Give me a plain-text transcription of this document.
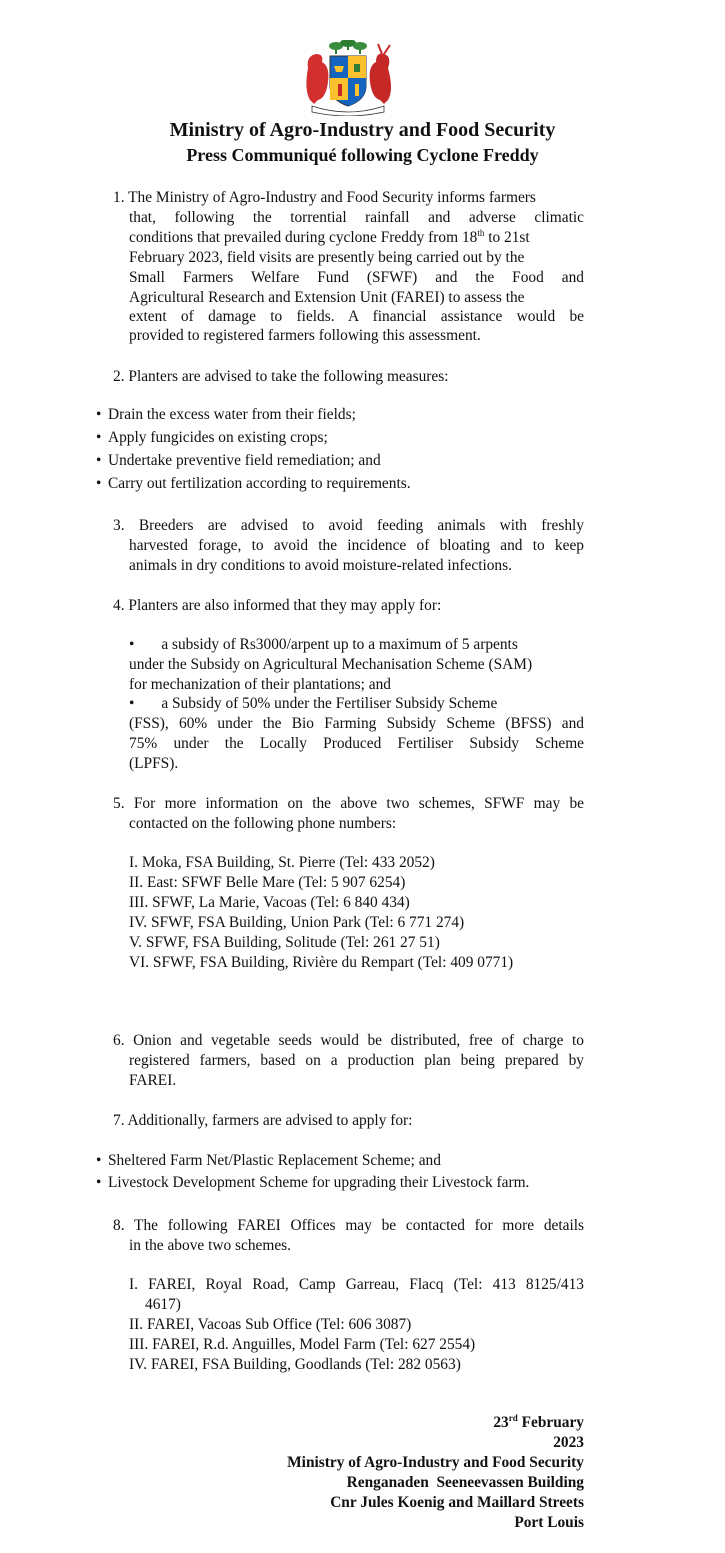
Ministry of Agro-Industry and Food Security
Press Communiqué following Cyclone Freddy
1. The Ministry of Agro-Industry and Food Security informs farmers
that, following the torrential rainfall and adverse climatic
conditions that prevailed during cyclone Freddy from 18th to 21st
February 2023, field visits are presently being carried out by the
Small Farmers Welfare Fund (SFWF) and the Food and
Agricultural Research and Extension Unit (FAREI) to assess the
extent of damage to fields. A financial assistance would be
provided to registered farmers following this assessment.
2. Planters are advised to take the following measures:
• Drain the excess water from their fields;
• Apply fungicides on existing crops;
• Undertake preventive field remediation; and
• Carry out fertilization according to requirements.
3. Breeders are advised to avoid feeding animals with freshly
harvested forage, to avoid the incidence of bloating and to keep
animals in dry conditions to avoid moisture-related infections.
4. Planters are also informed that they may apply for:
•       a subsidy of Rs3000/arpent up to a maximum of 5 arpents
under the Subsidy on Agricultural Mechanisation Scheme (SAM)
for mechanization of their plantations; and
•       a Subsidy of 50% under the Fertiliser Subsidy Scheme
(FSS), 60% under the Bio Farming Subsidy Scheme (BFSS) and
75% under the Locally Produced Fertiliser Subsidy Scheme
(LPFS).
5. For more information on the above two schemes, SFWF may be
contacted on the following phone numbers:
I. Moka, FSA Building, St. Pierre (Tel: 433 2052)
II. East: SFWF Belle Mare (Tel: 5 907 6254)
III. SFWF, La Marie, Vacoas (Tel: 6 840 434)
IV. SFWF, FSA Building, Union Park (Tel: 6 771 274)
V. SFWF, FSA Building, Solitude (Tel: 261 27 51)
VI. SFWF, FSA Building, Rivière du Rempart (Tel: 409 0771)
6. Onion and vegetable seeds would be distributed, free of charge to
registered farmers, based on a production plan being prepared by
FAREI.
7. Additionally, farmers are advised to apply for:
• Sheltered Farm Net/Plastic Replacement Scheme; and
• Livestock Development Scheme for upgrading their Livestock farm.
8. The following FAREI Offices may be contacted for more details
in the above two schemes.
I. FAREI, Royal Road, Camp Garreau, Flacq (Tel: 413 8125/413
4617)
II. FAREI, Vacoas Sub Office (Tel: 606 3087)
III. FAREI, R.d. Anguilles, Model Farm (Tel: 627 2554)
IV. FAREI, FSA Building, Goodlands (Tel: 282 0563)
23rd February
2023
Ministry of Agro-Industry and Food Security
Renganaden  Seeneevassen Building
Cnr Jules Koenig and Maillard Streets
Port Louis
